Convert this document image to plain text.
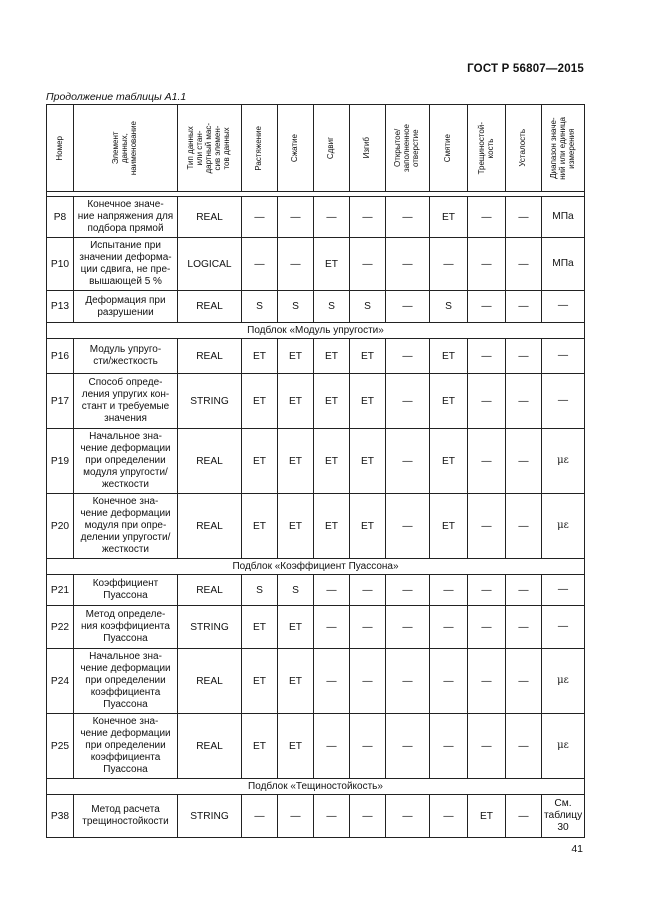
ГОСТ Р 56807—2015
Продолжение таблицы А1.1
Номер	Элемент
данных,
наименование	Тип данных
или стан-
дартный мас-
сив элемен-
тов данных	Растяжение	Сжатие	Сдвиг	Изгиб	Открытое/
заполненное
отверстие	Смятие	Трещиностой-
кость	Усталость	Диапазон значе-
ний или единица
измерения

P8	Конечное значе-
ние напряжения для
подбора прямой	REAL	—	—	—	—	—	ET	—	—	МПа
P10	Испытание при
значении деформа-
ции сдвига, не пре-
вышающей 5 %	LOGICAL	—	—	ET	—	—	—	—	—	МПа
P13	Деформация при
разрушении	REAL	S	S	S	S	—	S	—	—	—
Подблок «Модуль упругости»											
P16	Модуль упруго-
сти/жесткость	REAL	ET	ET	ET	ET	—	ET	—	—	—
P17	Способ опреде-
ления упругих кон-
стант и требуемые
значения	STRING	ET	ET	ET	ET	—	ET	—	—	—
P19	Начальное зна-
чение деформации
при определении
модуля упругости/
жесткости	REAL	ET	ET	ET	ET	—	ET	—	—	με
P20	Конечное зна-
чение деформации
модуля при опре-
делении упругости/
жесткости	REAL	ET	ET	ET	ET	—	ET	—	—	με
Подблок «Коэффициент Пуассона»											
P21	Коэффициент
Пуассона	REAL	S	S	—	—	—	—	—	—	—
P22	Метод определе-
ния коэффициента
Пуассона	STRING	ET	ET	—	—	—	—	—	—	—
P24	Начальное зна-
чение деформации
при определении
коэффициента
Пуассона	REAL	ET	ET	—	—	—	—	—	—	με
P25	Конечное зна-
чение деформации
при определении
коэффициента
Пуассона	REAL	ET	ET	—	—	—	—	—	—	με
Подблок «Тещиностойкость»											
P38	Метод расчета
трещиностойкости	STRING	—	—	—	—	—	—	ET	—	См.
таблицу
30
41
